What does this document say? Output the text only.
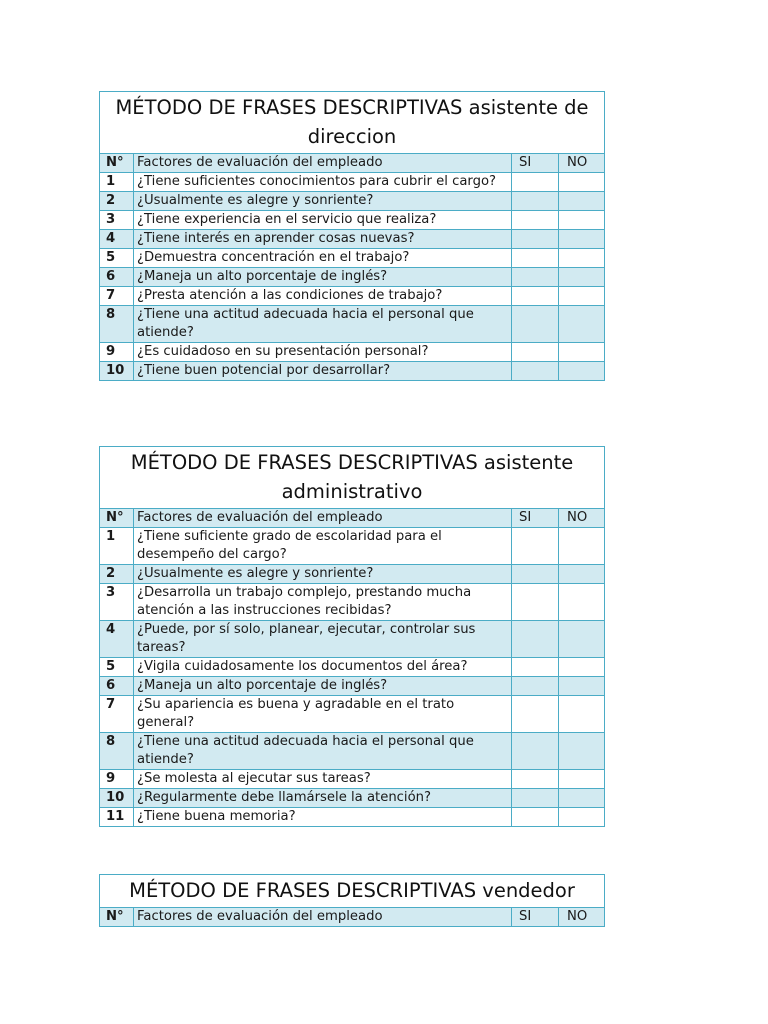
MÉTODO DE FRASES DESCRIPTIVAS asistente de direccion			
N°	Factores de evaluación del empleado	SI	NO
1	¿Tiene suficientes conocimientos para cubrir el cargo?		
2	¿Usualmente es alegre y sonriente?		
3	¿Tiene experiencia en el servicio que realiza?		
4	¿Tiene interés en aprender cosas nuevas?		
5	¿Demuestra concentración en el trabajo?		
6	¿Maneja un alto porcentaje de inglés?		
7	¿Presta atención a las condiciones de trabajo?		
8	¿Tiene una actitud adecuada hacia el personal que atiende?		
9	¿Es cuidadoso en su presentación personal?		
10	¿Tiene buen potencial por desarrollar?		
MÉTODO DE FRASES DESCRIPTIVAS asistente administrativo			
N°	Factores de evaluación del empleado	SI	NO
1	¿Tiene suficiente grado de escolaridad para el desempeño del cargo?		
2	¿Usualmente es alegre y sonriente?		
3	¿Desarrolla un trabajo complejo, prestando mucha atención a las instrucciones recibidas?		
4	¿Puede, por sí solo, planear, ejecutar, controlar sus tareas?		
5	¿Vigila cuidadosamente los documentos del área?		
6	¿Maneja un alto porcentaje de inglés?		
7	¿Su apariencia es buena y agradable en el trato general?		
8	¿Tiene una actitud adecuada hacia el personal que atiende?		
9	¿Se molesta al ejecutar sus tareas?		
10	¿Regularmente debe llamársele la atención?		
11	¿Tiene buena memoria?		
MÉTODO DE FRASES DESCRIPTIVAS vendedor
N°	Factores de evaluación del empleado	SI	NO
